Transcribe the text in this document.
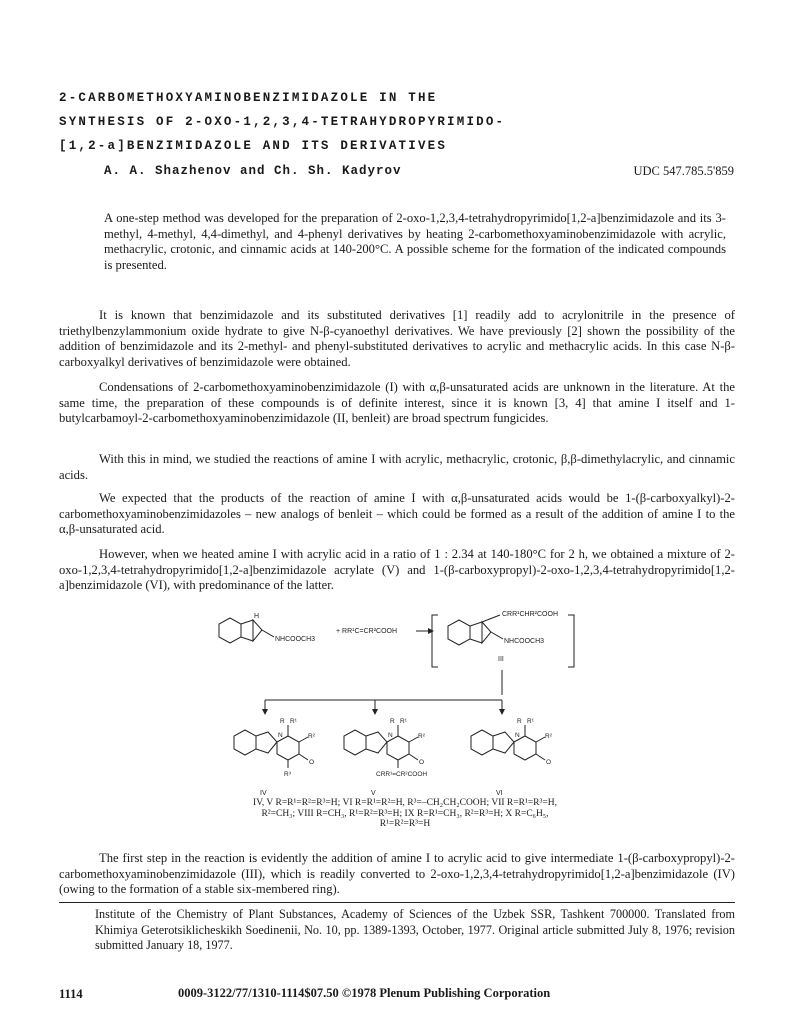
2-CARBOMETHOXYAMINOBENZIMIDAZOLE IN THE
SYNTHESIS OF 2-OXO-1,2,3,4-TETRAHYDROPYRIMIDO-
[1,2-a]BENZIMIDAZOLE AND ITS DERIVATIVES
A. A. Shazhenov and Ch. Sh. Kadyrov	UDC 547.785.5'859

A one-step method was developed for the preparation of 2-oxo-1,2,3,4-tetrahydropyrimido[1,2-a]benzimidazole and its 3-methyl, 4-methyl, 4,4-dimethyl, and 4-phenyl derivatives by heating 2-carbomethoxyaminobenzimidazole with acrylic, methacrylic, crotonic, and cinnamic acids at 140-200°C. A possible scheme for the formation of the indicated compounds is presented.

It is known that benzimidazole and its substituted derivatives [1] readily add to acrylonitrile in the presence of triethylbenzylammonium oxide hydrate to give N-β-cyanoethyl derivatives. We have previously [2] shown the possibility of the addition of benzimidazole and its 2-methyl- and phenyl-substituted derivatives to acrylic and methacrylic acids. In this case N-β-carboxyalkyl derivatives of benzimidazole were obtained.

Condensations of 2-carbomethoxyaminobenzimidazole (I) with α,β-unsaturated acids are unknown in the literature. At the same time, the preparation of these compounds is of definite interest, since it is known [3, 4] that amine I itself and 1-butylcarbamoyl-2-carbomethoxyaminobenzimidazole (II, benleit) are broad spectrum fungicides.

With this in mind, we studied the reactions of amine I with acrylic, methacrylic, crotonic, β,β-dimethylacrylic, and cinnamic acids.

We expected that the products of the reaction of amine I with α,β-unsaturated acids would be 1-(β-carboxyalkyl)-2-carbomethoxyaminobenzimidazoles – new analogs of benleit – which could be formed as a result of the addition of amine I to the α,β-unsaturated acid.

However, when we heated amine I with acrylic acid in a ratio of 1 : 2.34 at 140-180°C for 2 h, we obtained a mixture of 2-oxo-1,2,3,4-tetrahydropyrimido[1,2-a]benzimidazole acrylate (V) and 1-(β-carboxypropyl)-2-oxo-1,2,3,4-tetrahydropyrimido[1,2-a]benzimidazole (VI), with predominance of the latter.

H
NHCOOCH3
+ RR¹C=CR²COOH
CRR¹CHR²COOH
NHCOOCH3
III
R R¹
R²
N
O
R³
IV
R R¹
R²
N
O
CRR¹=CR²COOH
V
R R¹
R²
N
O
VI
IV, V R=R¹=R²=R³=H; VI R=R¹=R²=H, R³=–CH₂CH₂COOH; VII R=R¹=R³=H,
R²=CH₃; VIII R=CH₃, R¹=R²=R³=H; IX R=R¹=CH₃, R²=R³=H; X R=C₆H₅,
R¹=R²=R³=H

The first step in the reaction is evidently the addition of amine I to acrylic acid to give intermediate 1-(β-carboxypropyl)-2-carbomethoxyaminobenzimidazole (III), which is readily converted to 2-oxo-1,2,3,4-tetrahydropyrimido[1,2-a]benzimidazole (IV) (owing to the formation of a stable six-membered ring).

Institute of the Chemistry of Plant Substances, Academy of Sciences of the Uzbek SSR, Tashkent 700000. Translated from Khimiya Geterotsiklicheskikh Soedinenii, No. 10, pp. 1389-1393, October, 1977. Original article submitted July 8, 1976; revision submitted January 18, 1977.

1114	0009-3122/77/1310-1114$07.50 ©1978 Plenum Publishing Corporation
